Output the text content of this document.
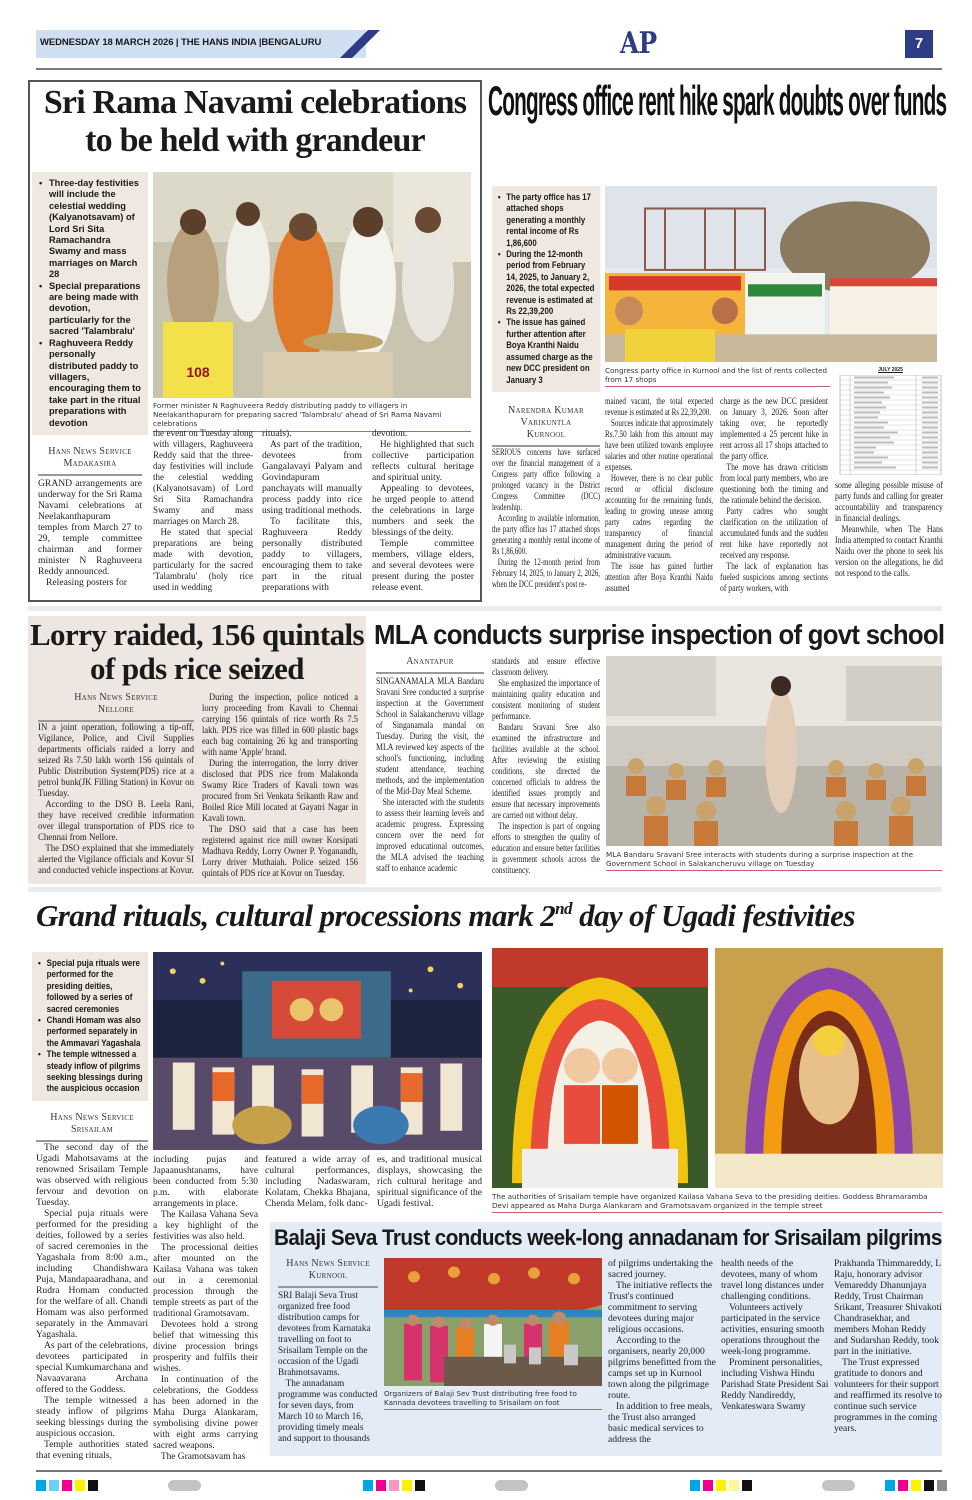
WEDNESDAY 18 MARCH 2026 | THE HANS INDIA |BENGALURU	AP	7
Sri Rama Navami celebrations to be held with grandeur
• Three-day festivities will include the celestial wedding (Kalyanotsavam) of Lord Sri Sita Ramachandra Swamy and mass marriages on March 28
• Special preparations are being made with devotion, particularly for the sacred 'Talambralu'
• Raghuveera Reddy personally distributed paddy to villagers, encouraging them to take part in the ritual preparations with devotion
108
Former minister N Raghuveera Reddy distributing paddy to villagers in Neelakanthapuram for preparing sacred 'Talambralu' ahead of Sri Rama Navami celebrations
Hans News Service
Madakasira

GRAND arrangements are underway for the Sri Rama Navami celebrations at Neelakanthapuram temples from March 27 to 29, temple committee chairman and former minister N Raghuveera Reddy announced.

Releasing posters for

the event on Tuesday along with villagers, Raghuveera Reddy said that the three-day festivities will include the celestial wedding (Kalyanotsavam) of Lord Sri Sita Ramachandra Swamy and mass marriages on March 28.

He stated that special preparations are being made with devotion, particularly for the sacred 'Talambralu' (holy rice used in wedding

rituals).

As part of the tradition, devotees from Gangalavayi Palyam and Govindapuram panchayats will manually process paddy into rice using traditional methods.

To facilitate this, Raghuveera Reddy personally distributed paddy to villagers, encouraging them to take part in the ritual preparations with

devotion.

He highlighted that such collective participation reflects cultural heritage and spiritual unity.

Appealing to devotees, he urged people to attend the celebrations in large numbers and seek the blessings of the deity.

Temple committee members, village elders, and several devotees were present during the poster release event.

Congress office rent hike spark doubts over funds
• The party office has 17 attached shops generating a monthly rental income of Rs 1,86,600
• During the 12-month period from February 14, 2025, to January 2, 2026, the total expected revenue is estimated at Rs 22,39,200
• The issue has gained further attention after Boya Kranthi Naidu assumed charge as the new DCC president on January 3
Narendra Kumar
Varikuntla
Kurnool

SERIOUS concerns have surfaced over the financial management of a Congress party office following a prolonged vacancy in the District Congress Committee (DCC) leadership.

According to available information, the party office has 17 attached shops generating a monthly rental income of Rs 1,86,600.

During the 12-month period from February 14, 2025, to January 2, 2026, when the DCC president's post re-

Congress party office in Kurnool and the list of rents collected from 17 shops
JULY 2025

mained vacant, the total expected revenue is estimated at Rs 22,39,200.

Sources indicate that approximately Rs.7.50 lakh from this amount may have been utilized towards employee salaries and other routine operational expenses.

However, there is no clear public record or official disclosure accounting for the remaining funds, leading to growing unease among party cadres regarding the transparency of financial management during the period of administrative vacuum.

The issue has gained further attention after Boya Kranthi Naidu assumed

charge as the new DCC president on January 3, 2026. Soon after taking over, he reportedly implemented a 25 percent hike in rent across all 17 shops attached to the party office.

The move has drawn criticism from local party members, who are questioning both the timing and the rationale behind the decision.

Party cadres who sought clarification on the utilization of accumulated funds and the sudden rent hike have reportedly not received any response.

The lack of explanation has fueled suspicions among sections of party workers, with

some alleging possible misuse of party funds and calling for greater accountability and transparency in financial dealings.

Meanwhile, when The Hans India attempted to contact Kranthi Naidu over the phone to seek his version on the allegations, he did not respond to the calls.

Lorry raided, 156 quintals of pds rice seized
Hans News Service
Nellore

IN a joint operation, following a tip-off, Vigilance, Police, and Civil Supplies departments officials raided a lorry and seized Rs 7.50 lakh worth 156 quintals of Public Distribution System(PDS) rice at a petrol bunk(JK Filling Station) in Kovur on Tuesday.

According to the DSO B. Leela Rani, they have received credible information over illegal transportation of PDS rice to Chennai from Nellore.

The DSO explained that she immediately alerted the Vigilance officials and Kovur SI and conducted vehicle inspections at Kovur.

During the inspection, police noticed a lorry proceeding from Kavali to Chennai carrying 156 quintals of rice worth Rs 7.5 lakh. PDS rice was filled in 600 plastic bags each bag containing 26 kg and transporting with name 'Apple' brand.

During the interrogation, the lorry driver disclosed that PDS rice from Malakonda Swamy Rice Traders of Kavali town was procured from Sri Venkata Srikanth Raw and Boiled Rice Mill located at Gayatri Nagar in Kavali town.

The DSO said that a case has been registered against rice mill owner Korsipati Madhava Reddy, Lorry Owner P. Yoganandh, Lorry driver Muthaiah. Police seized 156 quintals of PDS rice at Kovur on Tuesday.

MLA conducts surprise inspection of govt school
Anantapur

SINGANAMALA MLA Bandaru Sravani Sree conducted a surprise inspection at the Government School in Salakancheruvu village of Singanamala mandal on Tuesday. During the visit, the MLA reviewed key aspects of the school's functioning, including student attendance, teaching methods, and the implementation of the Mid-Day Meal Scheme.

She interacted with the students to assess their learning levels and academic progress. Expressing concern over the need for improved educational outcomes, the MLA advised the teaching staff to enhance academic

standards and ensure effective classroom delivery.

She emphasized the importance of maintaining quality education and consistent monitoring of student performance.

Bandaru Sravani Sree also examined the infrastructure and facilities available at the school. After reviewing the existing conditions, she directed the concerned officials to address the identified issues promptly and ensure that necessary improvements are carried out without delay.

The inspection is part of ongoing efforts to strengthen the quality of education and ensure better facilities in government schools across the constituency.

MLA Bandaru Sravani Sree interacts with students during a surprise inspection at the Government School in Salakancheruvu village on Tuesday
Grand rituals, cultural processions mark 2nd day of Ugadi festivities
• Special puja rituals were performed for the presiding deities, followed by a series of sacred ceremonies
• Chandi Homam was also performed separately in the Ammavari Yagashala
• The temple witnessed a steady inflow of pilgrims seeking blessings during the auspicious occasion
Hans News Service
Srisailam

The second day of the Ugadi Mahotsavams at the renowned Srisailam Temple was observed with religious fervour and devotion on Tuesday.

Special puja rituals were performed for the presiding deities, followed by a series of sacred ceremonies in the Yagashala from 8:00 a.m., including Chandishwara Puja, Mandapaaradhana, and Rudra Homam conducted for the welfare of all. Chandi Homam was also performed separately in the Ammavari Yagashala.

As part of the celebrations, devotees participated in special Kumkumarchana and Navaavarana Archana offered to the Goddess.

The temple witnessed a steady inflow of pilgrims seeking blessings during the auspicious occasion.

Temple authorities stated that evening rituals,

including pujas and Japaanushtanams, have been conducted from 5:30 p.m. with elaborate arrangements in place.

The Kailasa Vahana Seva a key highlight of the festivities was also held.

The processional deities after mounted on the Kailasa Vahana was taken out in a ceremonial procession through the temple streets as part of the traditional Gramotsavam.

Devotees hold a strong belief that witnessing this divine procession brings prosperity and fulfils their wishes.

In continuation of the celebrations, the Goddess has been adorned in the Maha Durga Alankaram, symbolising divine power with eight arms carrying sacred weapons.

The Gramotsavam has

featured a wide array of cultural performances, including Nadaswaram, Kolatam, Chekka Bhajana, Chenda Melam, folk danc-

es, and traditional musical displays, showcasing the rich cultural heritage and spiritual significance of the Ugadi festival.

The authorities of Srisailam temple have organized Kailasa Vahana Seva to the presiding deities. Goddess Bhramaramba Devi appeared as Maha Durga Alankaram and Gramotsavam organized in the temple street
Balaji Seva Trust conducts week-long annadanam for Srisailam pilgrims
Hans News Service
Kurnool

SRI Balaji Seva Trust organized free food distribution camps for devotees from Karnataka travelling on foot to Srisailam Temple on the occasion of the Ugadi Brahmotsavams.

The annadanam programme was conducted for seven days, from March 10 to March 16, providing timely meals and support to thousands

Organizers of Balaji Sev Trust distributing free food to Kannada devotees travelling to Srisailam on foot

of pilgrims undertaking the sacred journey.

The initiative reflects the Trust's continued commitment to serving devotees during major religious occasions.

According to the organisers, nearly 20,000 pilgrims benefitted from the camps set up in Kurnool town along the pilgrimage route.

In addition to free meals, the Trust also arranged basic medical services to address the

health needs of the devotees, many of whom travel long distances under challenging conditions.

Volunteers actively participated in the service activities, ensuring smooth operations throughout the week-long programme.

Prominent personalities, including Vishwa Hindu Parishad State President Sai Reddy Nandireddy, Venkateswara Swamy

Prakhanda Thimmareddy, L Raju, honorary advisor Vemareddy Dhanunjaya Reddy, Trust Chairman Srikant, Treasurer Shivakoti Chandrasekhar, and members Mohan Reddy and Sudarshan Reddy, took part in the initiative.

The Trust expressed gratitude to donors and volunteers for their support and reaffirmed its resolve to continue such service programmes in the coming years.
